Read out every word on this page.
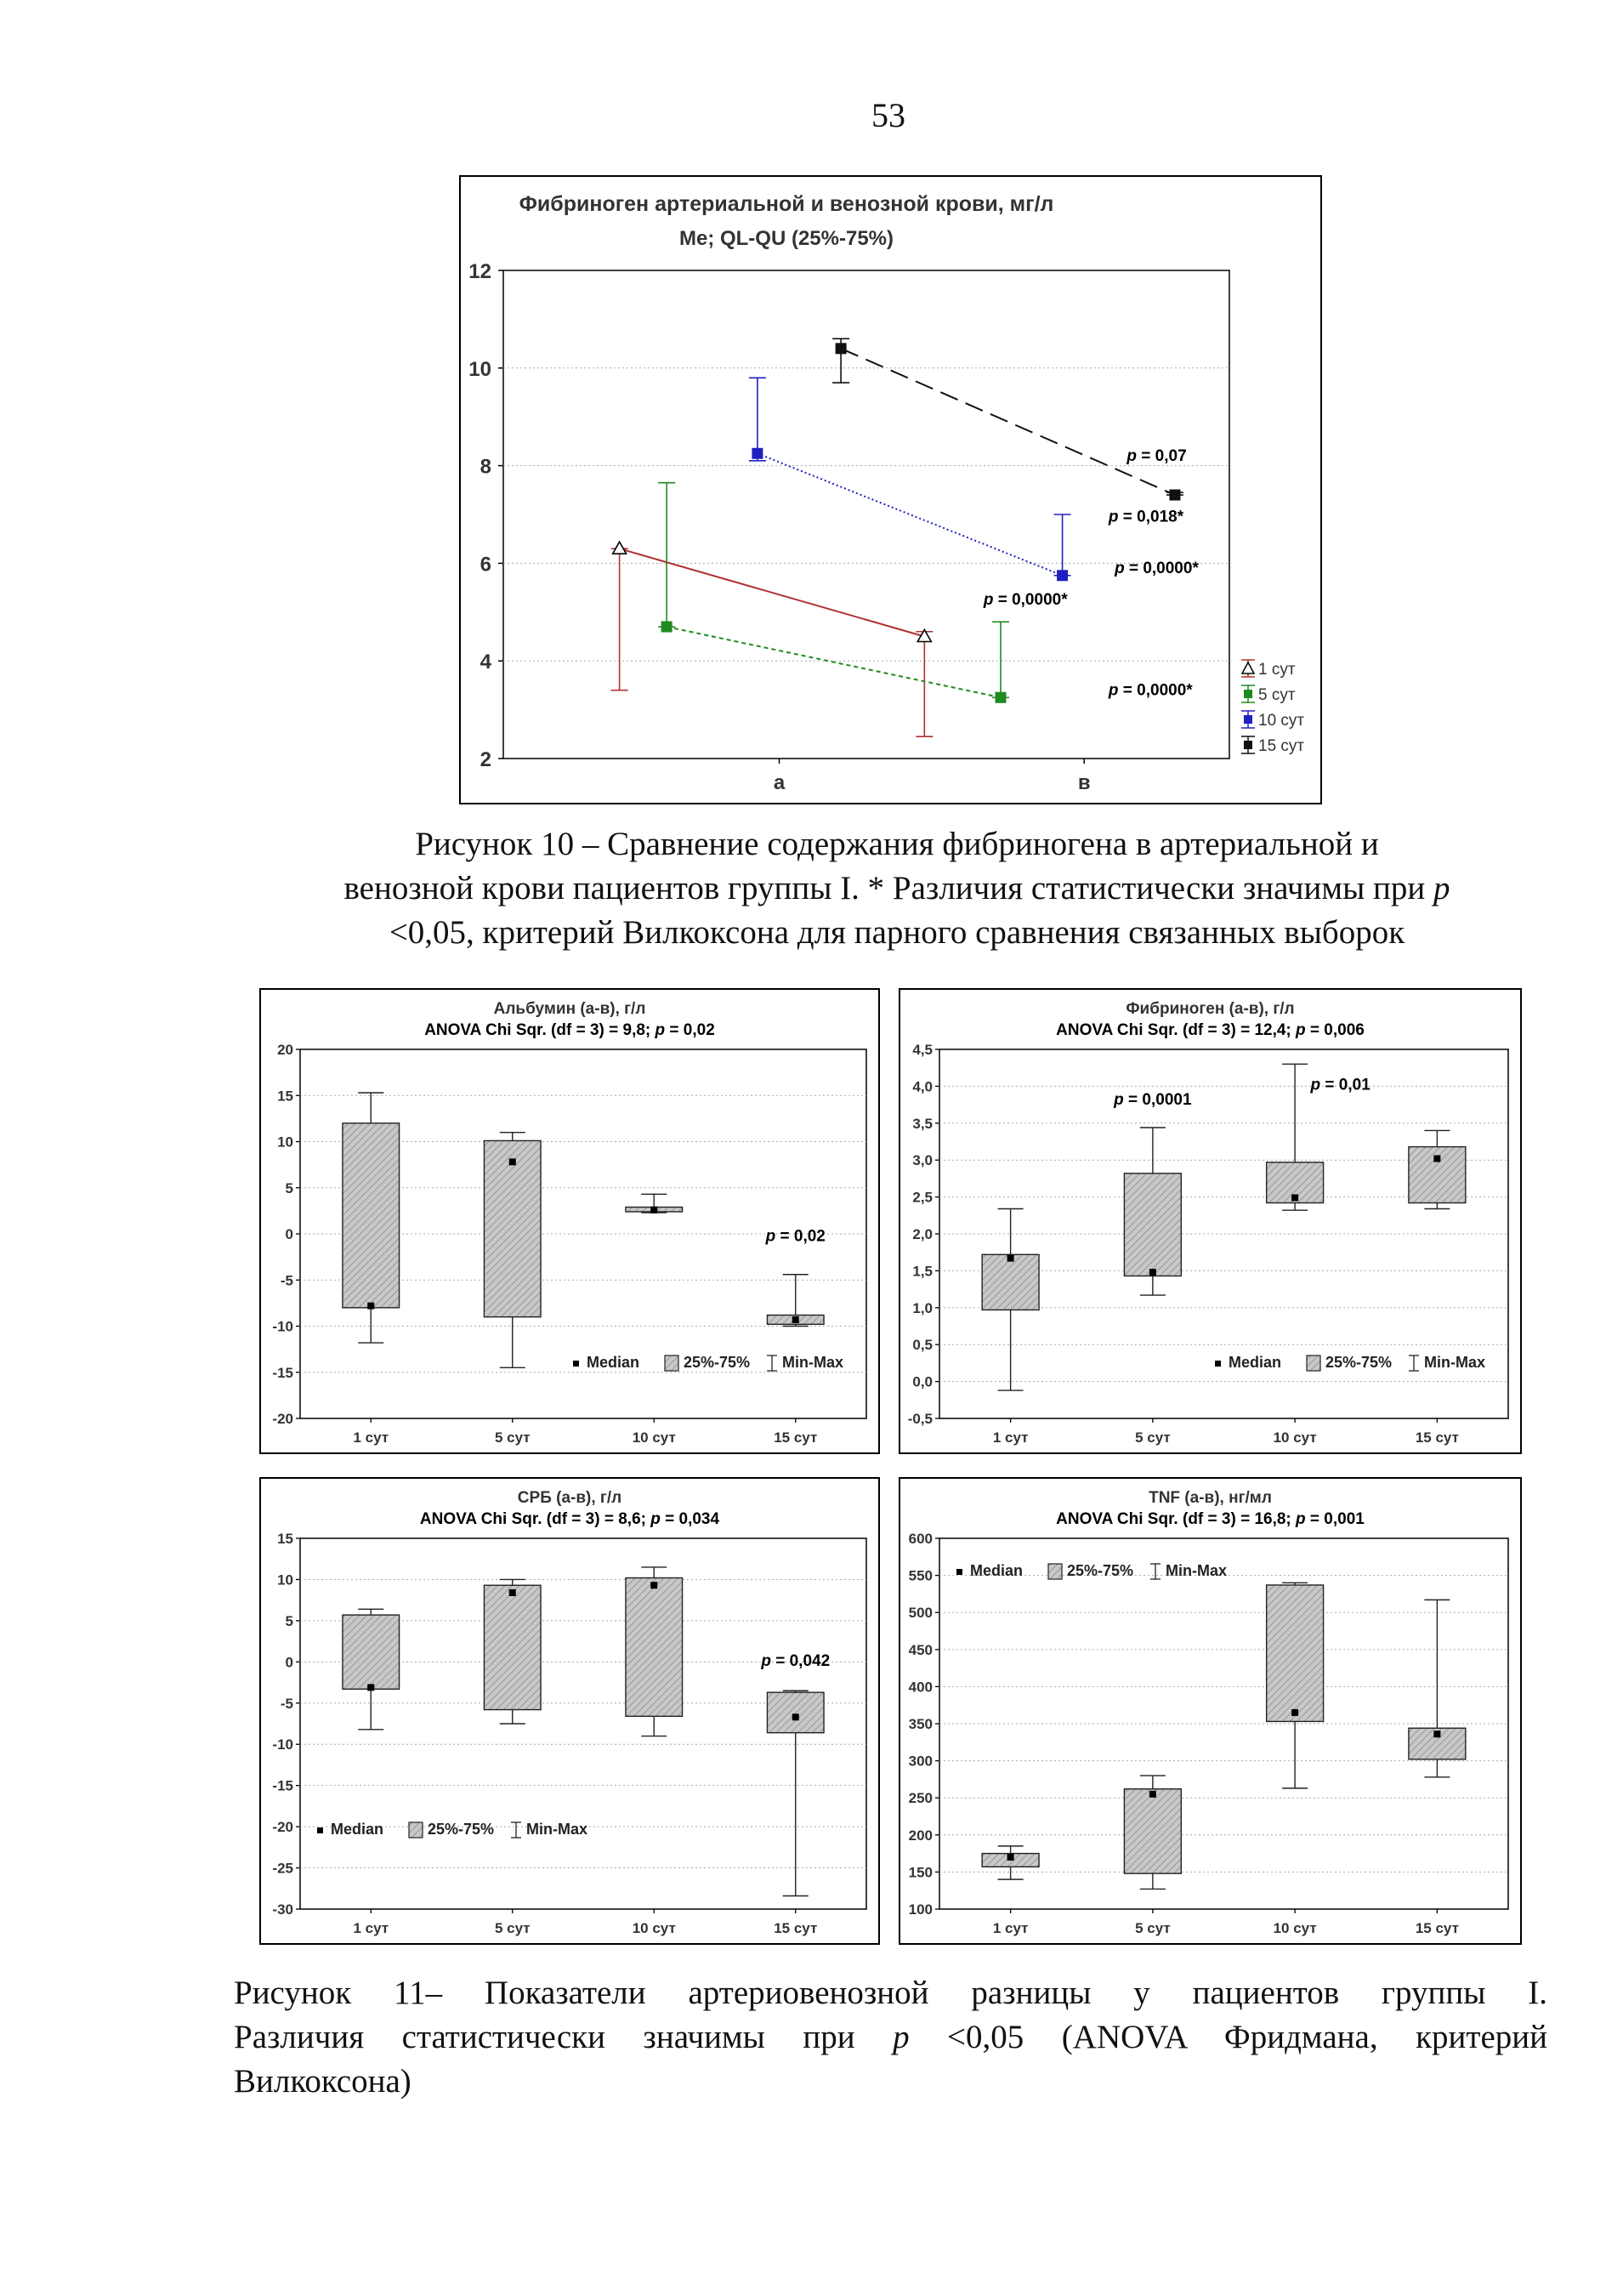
53
Фибриноген артериальной и венозной крови, мг/л
Me; QL-QU (25%-75%)
2
4
6
8
10
12
а	в
p = 0,07
p = 0,018*
p = 0,0000*
p = 0,0000*
p = 0,0000*
1 сут
5 сут
10 сут
15 сут

Рисунок 10 – Сравнение содержания фибриногена в артериальной и

венозной крови пациентов группы I. * Различия статистически значимы при p

<0,05, критерий Вилкоксона для парного сравнения связанных выборок

Альбумин (а-в), г/л
ANOVA Chi Sqr. (df = 3) = 9,8; p = 0,02
-20
-15
-10
-5
0
5
10
15
20
1 сут	5 сут	10 сут	15 сут
p = 0,02
Median	25%-75% Min-Max
Фибриноген (а-в), г/л
ANOVA Chi Sqr. (df = 3) = 12,4; p = 0,006
-0,5
0,0
0,5
1,0
1,5
2,0
2,5
3,0
3,5
4,0
4,5
1 сут	5 сут	10 сут	15 сут
p = 0,0001
p = 0,01
Median	25%-75% Min-Max
СРБ (а-в), г/л
ANOVA Chi Sqr. (df = 3) = 8,6; p = 0,034
-30
-25
-20
-15
-10
-5
0
5
10
15
1 сут	5 сут	10 сут	15 сут
p = 0,042
Median	25%-75% Min-Max
TNF (а-в), нг/мл
ANOVA Chi Sqr. (df = 3) = 16,8; p = 0,001
100
150
200
250
300
350
400
450
500
550
600
1 сут	5 сут	10 сут	15 сут
Median	25%-75% Min-Max

Рисунок 11– Показатели артериовенозной разницы у пациентов группы I.

Различия статистически значимы при p <0,05 (ANOVA Фридмана, критерий

Вилкоксона)
